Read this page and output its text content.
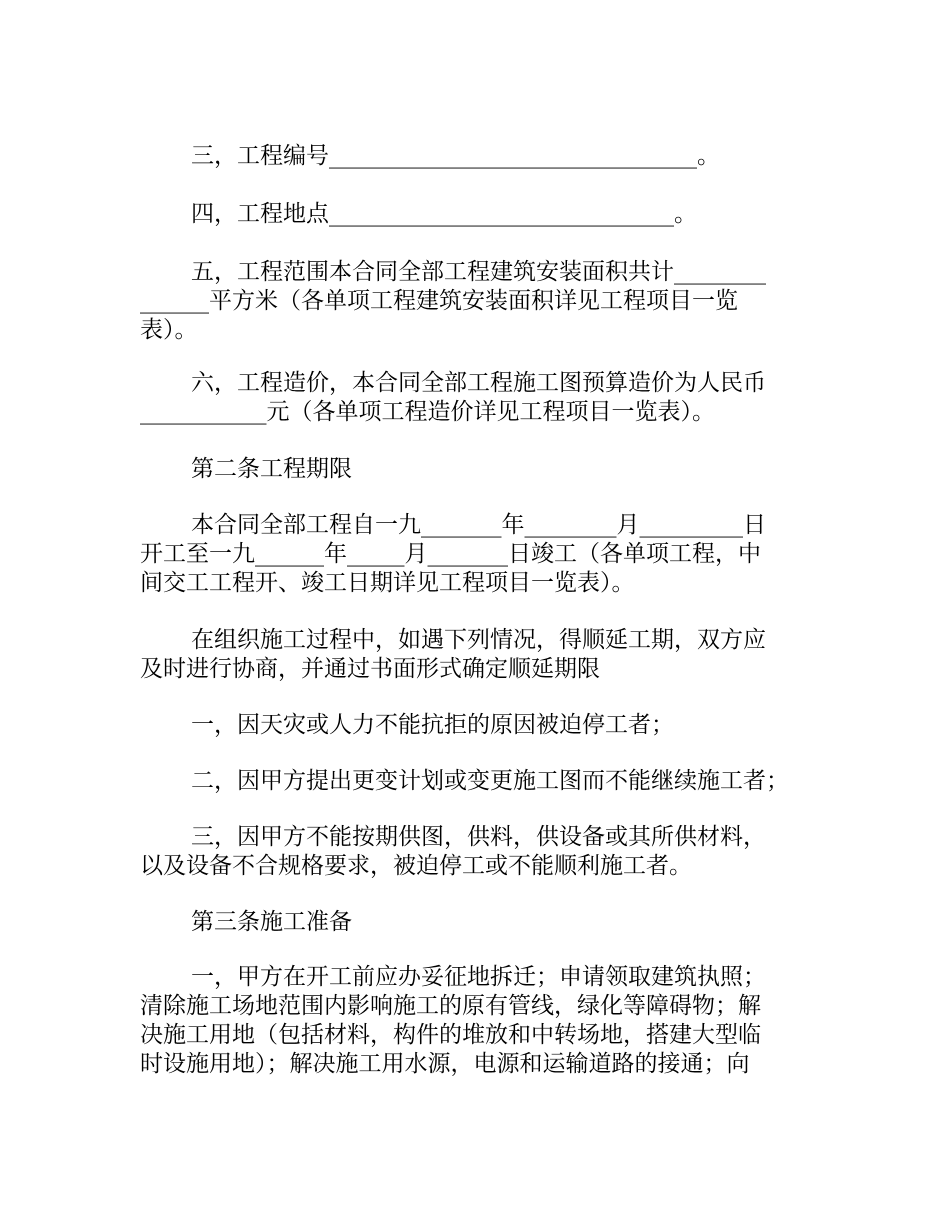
三，工程编号________________________________。
四，工程地点______________________________。
五，工程范围本合同全部工程建筑安装面积共计________
______平方米（各单项工程建筑安装面积详见工程项目一览
表）。
六，工程造价，本合同全部工程施工图预算造价为人民币
___________元（各单项工程造价详见工程项目一览表）。
第二条工程期限
本合同全部工程自一九_______年________月_________日
开工至一九______年_____月_______日竣工（各单项工程，中
间交工工程开、竣工日期详见工程项目一览表）。
在组织施工过程中，如遇下列情况，得顺延工期，双方应
及时进行协商，并通过书面形式确定顺延期限
一，因天灾或人力不能抗拒的原因被迫停工者；
二，因甲方提出更变计划或变更施工图而不能继续施工者；
三，因甲方不能按期供图，供料，供设备或其所供材料，
以及设备不合规格要求，被迫停工或不能顺利施工者。
第三条施工准备
一，甲方在开工前应办妥征地拆迁；申请领取建筑执照；
清除施工场地范围内影响施工的原有管线，绿化等障碍物；解
决施工用地（包括材料，构件的堆放和中转场地，搭建大型临
时设施用地）；解决施工用水源，电源和运输道路的接通；向
